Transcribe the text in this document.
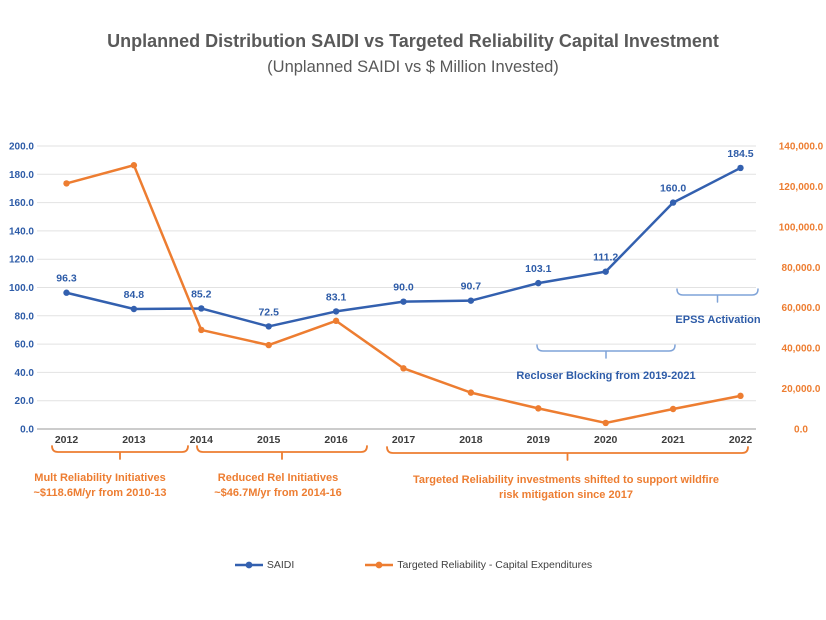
Unplanned Distribution SAIDI vs Targeted Reliability Capital Investment
(Unplanned SAIDI vs $ Million Invested)
0.0
20.0
40.0
60.0
80.0
100.0
120.0
140.0
160.0
180.0
200.0
0.0
20,000.0
40,000.0
60,000.0
80,000.0
100,000.0
120,000.0
140,000.0
2012	2013	2014	2015	2016	2017	2018	2019	2020	2021	2022
96.3
84.8	85.2
72.5
83.1
90.0	90.7
103.1
111.2
160.0
184.5
Mult Reliability Initiatives
~$118.6M/yr from 2010-13
Reduced Rel Initiatives
~$46.7M/yr from 2014-16
Targeted Reliability investments shifted to support wildfire
risk mitigation since 2017
Recloser Blocking from 2019-2021
EPSS Activation
SAIDI	Targeted Reliability - Capital Expenditures
